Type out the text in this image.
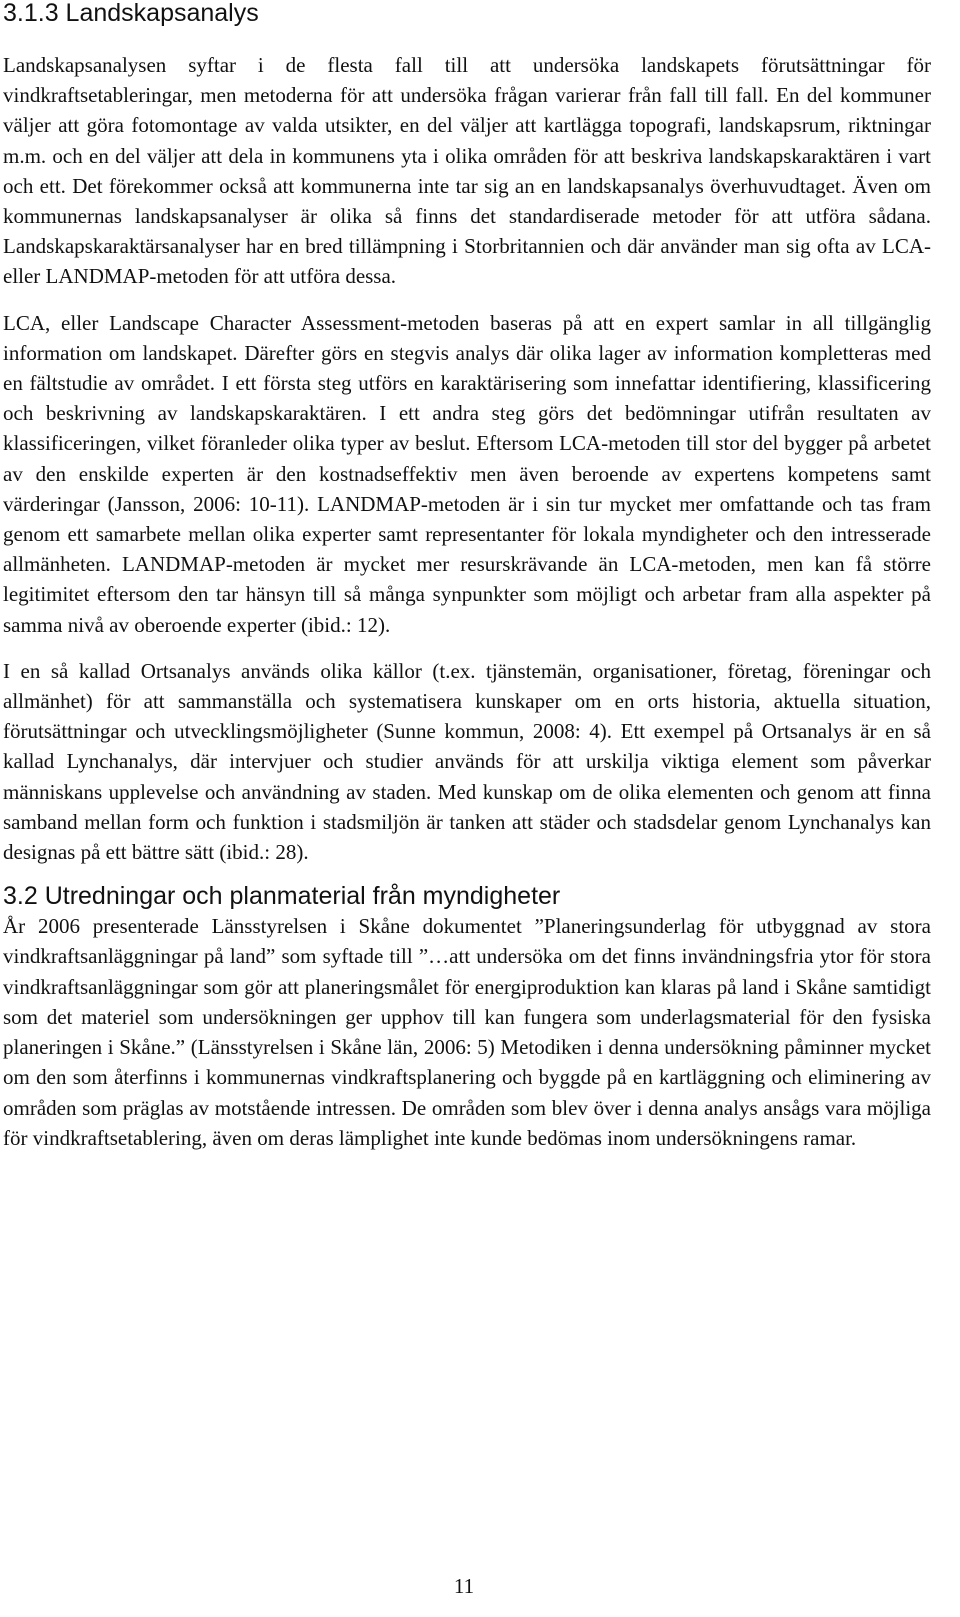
3.1.3 Landskapsanalys

Landskapsanalysen syftar i de flesta fall till att undersöka landskapets förutsättningar för vindkraftsetableringar, men metoderna för att undersöka frågan varierar från fall till fall. En del kommuner väljer att göra fotomontage av valda utsikter, en del väljer att kartlägga topografi, landskapsrum, riktningar m.m. och en del väljer att dela in kommunens yta i olika områden för att beskriva landskapskaraktären i vart och ett. Det förekommer också att kommunerna inte tar sig an en landskapsanalys överhuvudtaget. Även om kommunernas landskapsanalyser är olika så finns det standardiserade metoder för att utföra sådana. Landskapskaraktärsanalyser har en bred tillämpning i Storbritannien och där använder man sig ofta av LCA- eller LANDMAP-metoden för att utföra dessa.

LCA, eller Landscape Character Assessment-metoden baseras på att en expert samlar in all tillgänglig information om landskapet. Därefter görs en stegvis analys där olika lager av information kompletteras med en fältstudie av området. I ett första steg utförs en karaktärisering som innefattar identifiering, klassificering och beskrivning av landskapskaraktären. I ett andra steg görs det bedömningar utifrån resultaten av klassificeringen, vilket föranleder olika typer av beslut. Eftersom LCA-metoden till stor del bygger på arbetet av den enskilde experten är den kostnadseffektiv men även beroende av expertens kompetens samt värderingar (Jansson, 2006: 10-11). LANDMAP-metoden är i sin tur mycket mer omfattande och tas fram genom ett samarbete mellan olika experter samt representanter för lokala myndigheter och den intresserade allmänheten. LANDMAP-metoden är mycket mer resurskrävande än LCA-metoden, men kan få större legitimitet eftersom den tar hänsyn till så många synpunkter som möjligt och arbetar fram alla aspekter på samma nivå av oberoende experter (ibid.: 12).

I en så kallad Ortsanalys används olika källor (t.ex. tjänstemän, organisationer, företag, föreningar och allmänhet) för att sammanställa och systematisera kunskaper om en orts historia, aktuella situation, förutsättningar och utvecklingsmöjligheter (Sunne kommun, 2008: 4). Ett exempel på Ortsanalys är en så kallad Lynchanalys, där intervjuer och studier används för att urskilja viktiga element som påverkar människans upplevelse och användning av staden. Med kunskap om de olika elementen och genom att finna samband mellan form och funktion i stadsmiljön är tanken att städer och stadsdelar genom Lynchanalys kan designas på ett bättre sätt (ibid.: 28).

3.2 Utredningar och planmaterial från myndigheter

År 2006 presenterade Länsstyrelsen i Skåne dokumentet ”Planeringsunderlag för utbyggnad av stora vindkraftsanläggningar på land” som syftade till ”…att undersöka om det finns invändningsfria ytor för stora vindkraftsanläggningar som gör att planeringsmålet för energiproduktion kan klaras på land i Skåne samtidigt som det materiel som undersökningen ger upphov till kan fungera som underlagsmaterial för den fysiska planeringen i Skåne.” (Länsstyrelsen i Skåne län, 2006: 5) Metodiken i denna undersökning påminner mycket om den som återfinns i kommunernas vindkraftsplanering och byggde på en kartläggning och eliminering av områden som präglas av motstående intressen. De områden som blev över i denna analys ansågs vara möjliga för vindkraftsetablering, även om deras lämplighet inte kunde bedömas inom undersökningens ramar.

11
